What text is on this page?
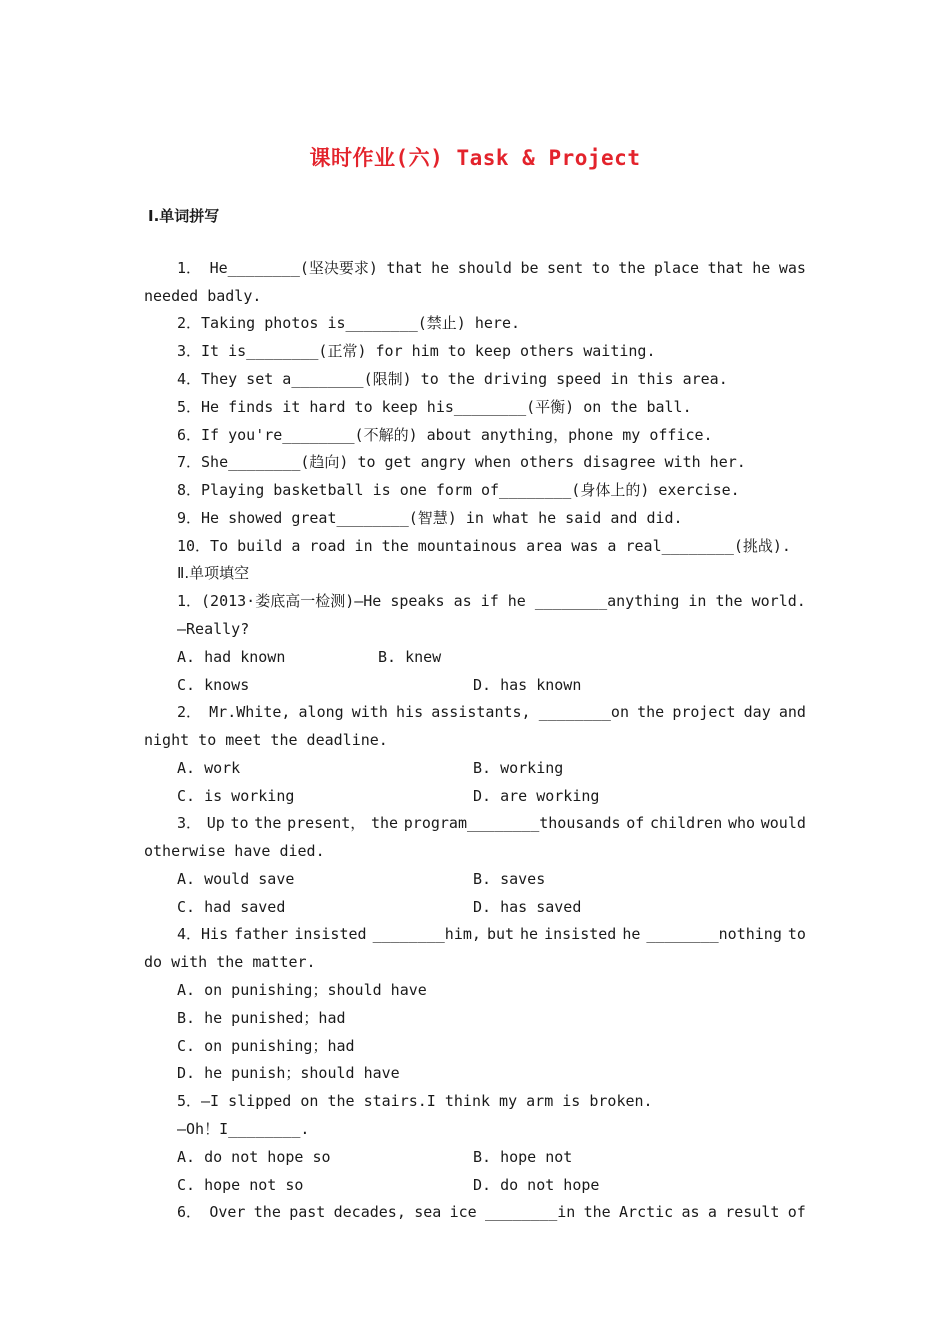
课时作业(六) Task & Project
Ⅰ.单词拼写
1． He________(坚决要求) that he should be sent to the place that he was
needed badly.
2．Taking photos is________(禁止) here.
3．It is________(正常) for him to keep others waiting.
4．They set a________(限制) to the driving speed in this area.
5．He finds it hard to keep his________(平衡) on the ball.
6．If you're________(不解的) about anything，phone my office.
7．She________(趋向) to get angry when others disagree with her.
8．Playing basketball is one form of________(身体上的) exercise.
9．He showed great________(智慧) in what he said and did.
10．To build a road in the mountainous area was a real________(挑战).
Ⅱ.单项填空
1．(2013·娄底高一检测)—He speaks as if he ________anything in the world.
—Really?
A. had known	B. knew
C. knows	D. has known
2． Mr.White, along with his assistants, ________on the project day and
night to meet the deadline.
A. work	B. working
C. is working	D. are working
3． Up to the present， the program________thousands of children who would
otherwise have died.
A. would save	B. saves
C. had saved	D. has saved
4．His father insisted ________him, but he insisted he ________nothing to
do with the matter.
A. on punishing；should have
B. he punished；had
C. on punishing；had
D. he punish；should have
5．—I slipped on the stairs.I think my arm is broken.
—Oh！I________.
A. do not hope so	B. hope not
C. hope not so	D. do not hope
6． Over the past decades, sea ice ________in the Arctic as a result of
